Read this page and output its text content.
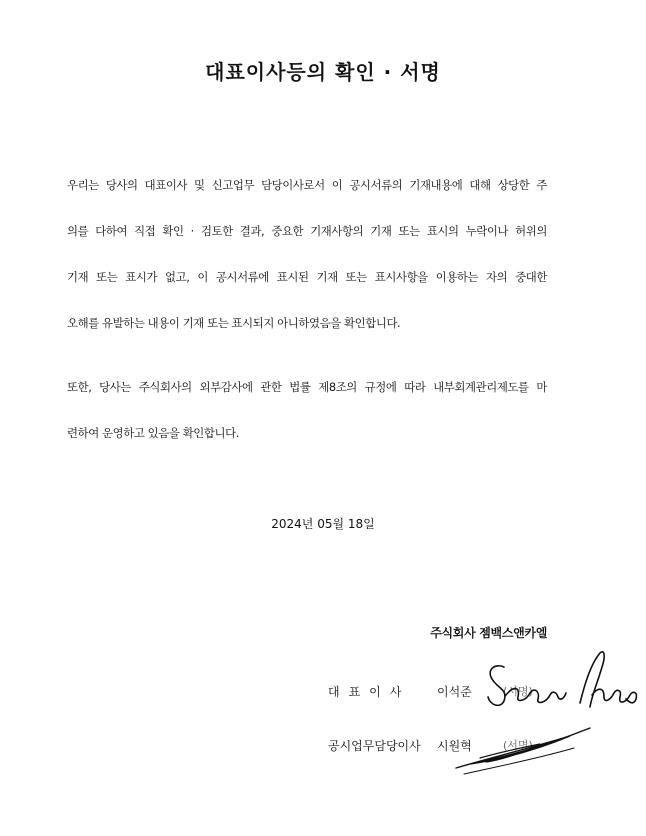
대표이사등의 확인 · 서명
우리는 당사의 대표이사 및 신고업무 담당이사로서 이 공시서류의 기재내용에 대해 상당한 주
의를 다하여 직접 확인 · 검토한 결과, 중요한 기재사항의 기재 또는 표시의 누락이나 허위의
기재 또는 표시가 없고, 이 공시서류에 표시된 기재 또는 표시사항을 이용하는 자의 중대한
오해를 유발하는 내용이 기재 또는 표시되지 아니하였음을 확인합니다.
또한, 당사는 주식회사의 외부감사에 관한 법률 제8조의 규정에 따라 내부회계관리제도를 마
련하여 운영하고 있음을 확인합니다.
2024년 05월 18일
주식회사 젬백스앤카엘
대표이사 이석준	(서명)
공시업무담당이사 시원혁	(서명)
